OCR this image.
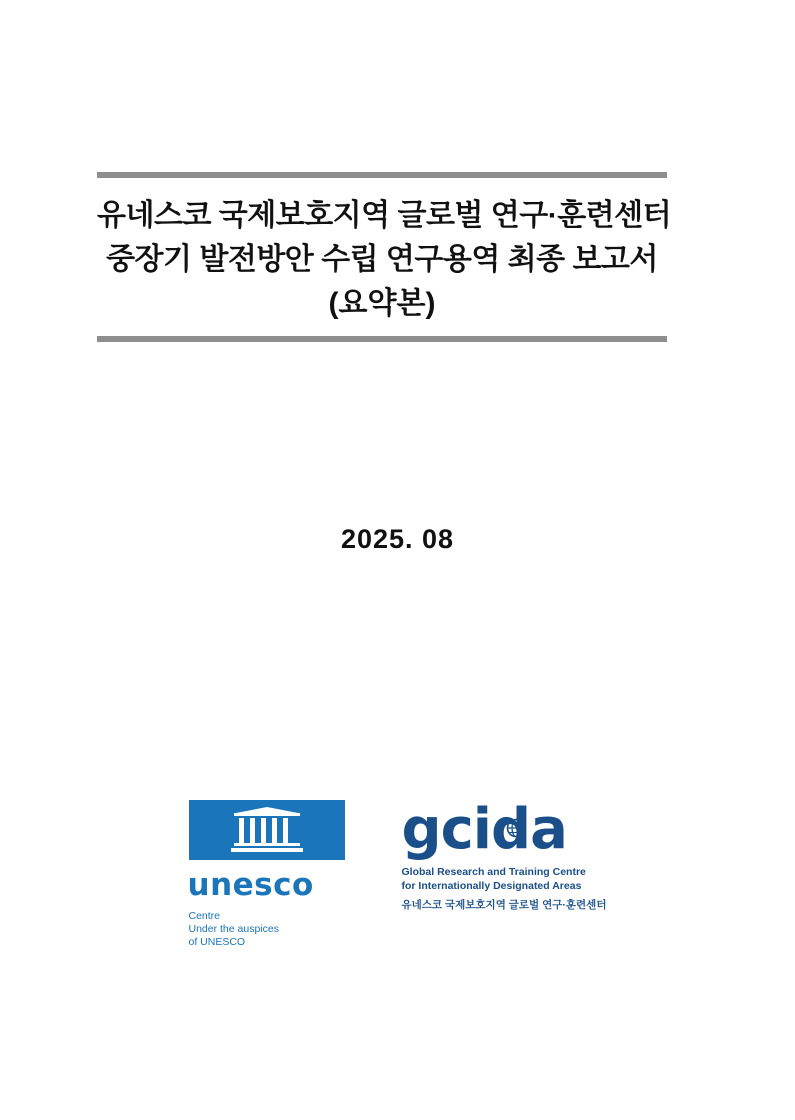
유네스코 국제보호지역 글로벌 연구·훈련센터
중장기 발전방안 수립 연구용역 최종 보고서
(요약본)
2025. 08
unesco
Centre
Under the auspices
of UNESCO
gcida
Global Research and Training Centre
for Internationally Designated Areas
유네스코 국제보호지역 글로벌 연구·훈련센터
